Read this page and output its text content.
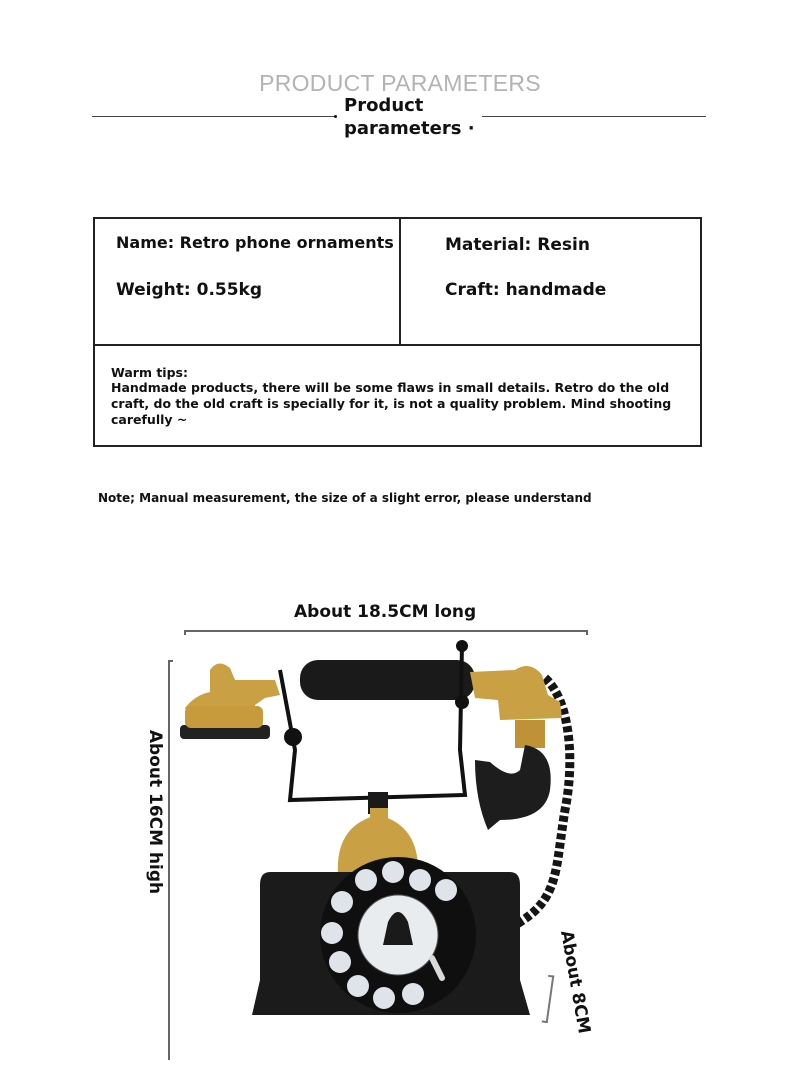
PRODUCT PARAMETERS
Product
parameters ·
Name: Retro phone ornaments
Weight: 0.55kg
Material: Resin
Craft: handmade
Warm tips:
Handmade products, there will be some flaws in small details. Retro do the old craft, do the old craft is specially for it, is not a quality problem. Mind shooting carefully ~
Note; Manual measurement, the size of a slight error, please understand
About 18.5CM long
About 16CM high
About 8CM
